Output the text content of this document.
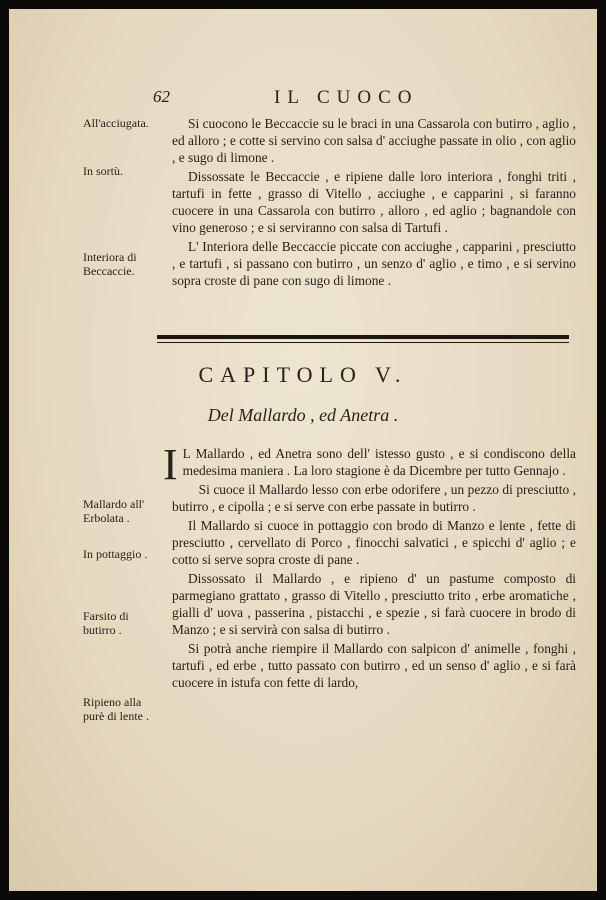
62	IL CUOCO
All'acciugata.
In sortù.
Interiora di Beccaccie.

Si cuocono le Beccaccie su le braci in una Cassarola con butirro , aglio , ed alloro ; e cotte si servino con salsa d' acciughe passate in olio , con aglio , e sugo di limone .

Dissossate le Beccaccie , e ripiene dalle loro interiora , fonghi triti , tartufi in fette , grasso di Vitello , acciughe , e capparini , si faranno cuocere in una Cassarola con butirro , alloro , ed aglio ; bagnandole con vino generoso ; e si serviranno con salsa di Tartufi .

L' Interiora delle Beccaccie piccate con acciughe , capparini , presciutto , e tartufi , si passano con butirro , un senzo d' aglio , e timo , e si servino sopra croste di pane con sugo di limone .

CAPITOLO V.
Del Mallardo , ed Anetra .
Mallardo all' Erbolata .
In pottaggio .
Farsito di butirro .
Ripieno alla purè di lente .

I L Mallardo , ed Anetra sono dell' istesso gusto , e si condiscono della medesima maniera . La loro stagione è da Dicembre per tutto Gennajo .

Si cuoce il Mallardo lesso con erbe odorifere , un pezzo di presciutto , butirro , e cipolla ; e si serve con erbe passate in butirro .

Il Mallardo si cuoce in pottaggio con brodo di Manzo e lente , fette di presciutto , cervellato di Porco , finocchi salvatici , e spicchi d' aglio ; e cotto si serve sopra croste di pane .

Dissossato il Mallardo , e ripieno d' un pastume composto di parmegiano grattato , grasso di Vitello , presciutto trito , erbe aromatiche , gialli d' uova , passerina , pistacchi , e spezie , si farà cuocere in brodo di Manzo ; e si servirà con salsa di butirro .

Si potrà anche riempire il Mallardo con salpicon d' animelle , fonghi , tartufi , ed erbe , tutto passato con butirro , ed un senso d' aglio , e si farà cuocere in istufa con fette di lardo,
